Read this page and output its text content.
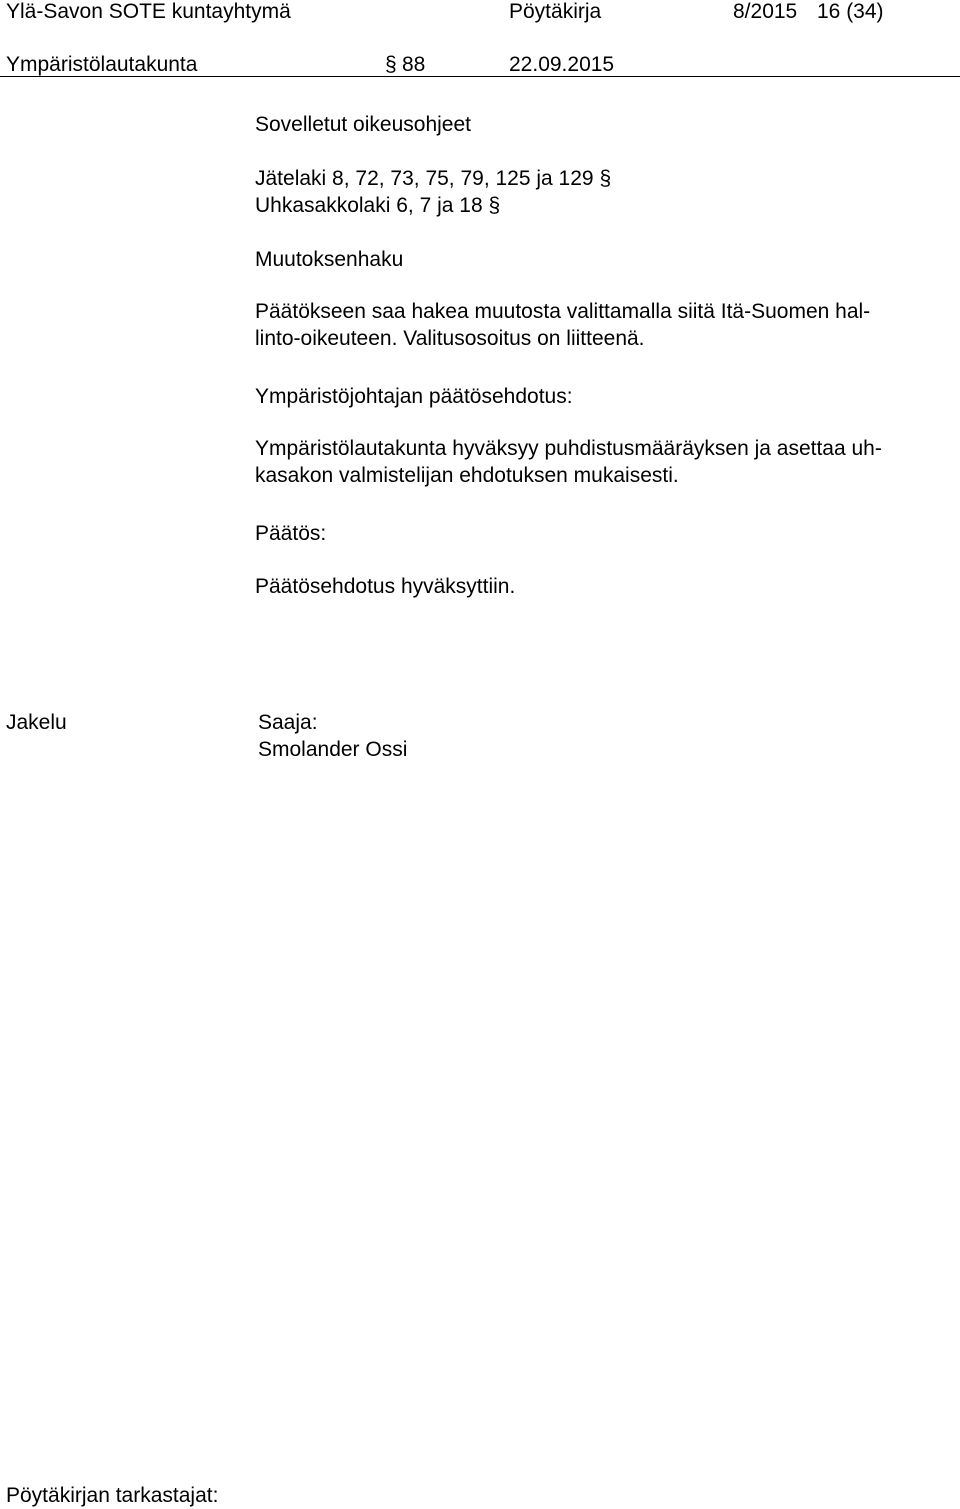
Ylä-Savon SOTE kuntayhtymä	Pöytäkirja	8/2015 16 (34)
Ympäristölautakunta	§ 88	22.09.2015
Sovelletut oikeusohjeet
Jätelaki 8, 72, 73, 75, 79, 125 ja 129 §
Uhkasakkolaki 6, 7 ja 18 §
Muutoksenhaku
Päätökseen saa hakea muutosta valittamalla siitä Itä-Suomen hal-
linto-oikeuteen. Valitusosoitus on liitteenä.
Ympäristöjohtajan päätösehdotus:
Ympäristölautakunta hyväksyy puhdistusmääräyksen ja asettaa uh-
kasakon valmistelijan ehdotuksen mukaisesti.
Päätös:
Päätösehdotus hyväksyttiin.
Jakelu	Saaja:
Smolander Ossi
Pöytäkirjan tarkastajat:
